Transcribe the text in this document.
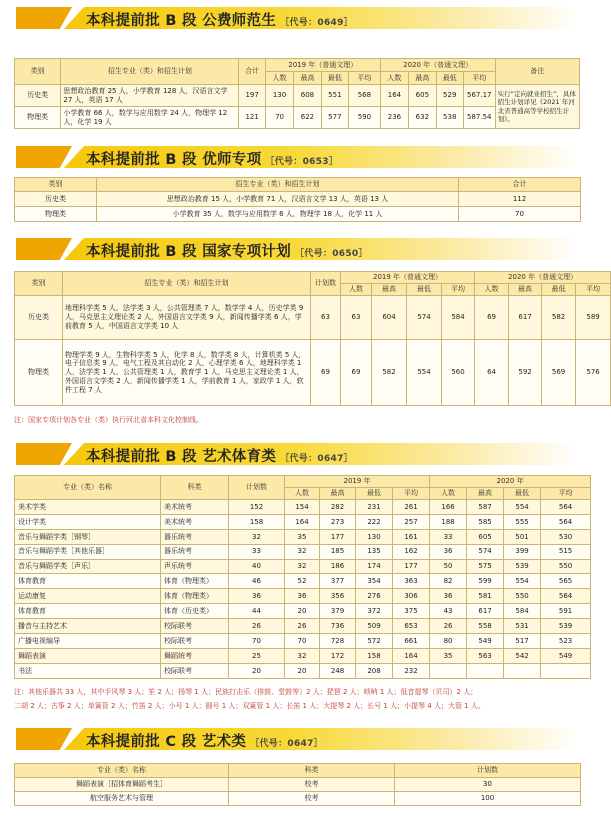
本科提前批 B 段 公费师范生 ［代号：0649］
类别	招生专业（类）和招生计划	合计	2019 年（普通文理）				2020 年（普通文理）				备注
			人数	最高	最低	平均	人数	最高	最低	平均	
历史类	思想政治教育 25 人，小学教育 128 人，汉语言文学 27 人，英语 17 人	197	130	608	551	568	164	605	529	567.17	实行“定向就业招生”，具体招生计划详见《2021 年河北省普通高等学校招生计划》。
物理类	小学教育 66 人，数学与应用数学 24 人，物理学 12 人，化学 19 人	121	70	622	577	590	236	632	538	587.54	
本科提前批 B 段 优师专项 ［代号：0653］
类别	招生专业（类）和招生计划	合计
历史类	思想政治教育 15 人，小学教育 71 人，汉语言文学 13 人，英语 13 人	112
物理类	小学教育 35 人，数学与应用数学 6 人，物理学 18 人，化学 11 人	70
本科提前批 B 段 国家专项计划 ［代号：0650］
类别	招生专业（类）和招生计划	计划数	2019 年（普通文理）				2020 年（普通文理）			
			人数	最高	最低	平均	人数	最高	最低	平均
历史类	地理科学类 5 人，法学类 3 人，公共管理类 7 人，数学学 4 人，历史学类 9 人，马克思主义理论类 2 人，外国语言文学类 9 人，新闻传播学类 6 人，学前教育 5 人，中国语言文学类 10 人	63	63	604	574	584	69	617	582	589
物理类	物理学类 9 人，生物科学类 5 人，化学 8 人，数学类 8 人，计算机类 5 人，电子信息类 9 人，电气工程及其自动化 2 人，心理学类 6 人，地理科学类 1 人，法学类 1 人，公共管理类 1 人，教育学 1 人，马克思主义理论类 1 人，外国语言文学类 2 人，新闻传播学类 1 人，学前教育 1 人，家政学 1 人，软件工程 7 人	69	69	582	554	560	64	592	569	576
注：国家专项计划各专业（类）执行河北省本科文化控制线。
本科提前批 B 段 艺术体育类 ［代号：0647］
专业（类）名称	科类	计划数	2019 年				2020 年			
			人数	最高	最低	平均	人数	最高	最低	平均
美术学类	美术统考	152	154	282	231	261	166	587	554	564
设计学类	美术统考	158	164	273	222	257	188	585	555	564
音乐与舞蹈学类［钢琴］	器乐统考	32	35	177	130	161	33	605	501	530
音乐与舞蹈学类［其他乐器］	器乐统考	33	32	185	135	162	36	574	399	515
音乐与舞蹈学类［声乐］	声乐统考	40	32	186	174	177	50	575	539	550
体育教育	体育（物理类）	46	52	377	354	363	82	599	554	565
运动康复	体育（物理类）	36	36	356	276	306	36	581	550	564
体育教育	体育（历史类）	44	20	379	372	375	43	617	584	591
播音与主持艺术	校际联考	26	26	736	509	653	26	558	531	539
广播电视编导	校际联考	70	70	728	572	661	80	549	517	523
舞蹈表演	舞蹈统考	25	32	172	158	164	35	563	542	549
书法	校际联考	20	20	248	208	232				
注：其他乐器共 33 人，其中手风琴 3 人；笙 2 人；扬琴 1 人；民族打击乐（排鼓、堂鼓等）2 人；琵琶 2 人；唢呐 1 人；低音提琴（贝司）2 人；
二胡 2 人；古筝 2 人；单簧管 2 人；竹笛 2 人；小号 1 人；圆号 1 人；双簧管 1 人；长笛 1 人；大提琴 2 人；长号 1 人；小提琴 4 人；大管 1 人。
本科提前批 C 段 艺术类 ［代号：0647］
专业（类）名称	科类	计划数
舞蹈表演［招体育舞蹈考生］	校考	30
航空服务艺术与管理	校考	100
